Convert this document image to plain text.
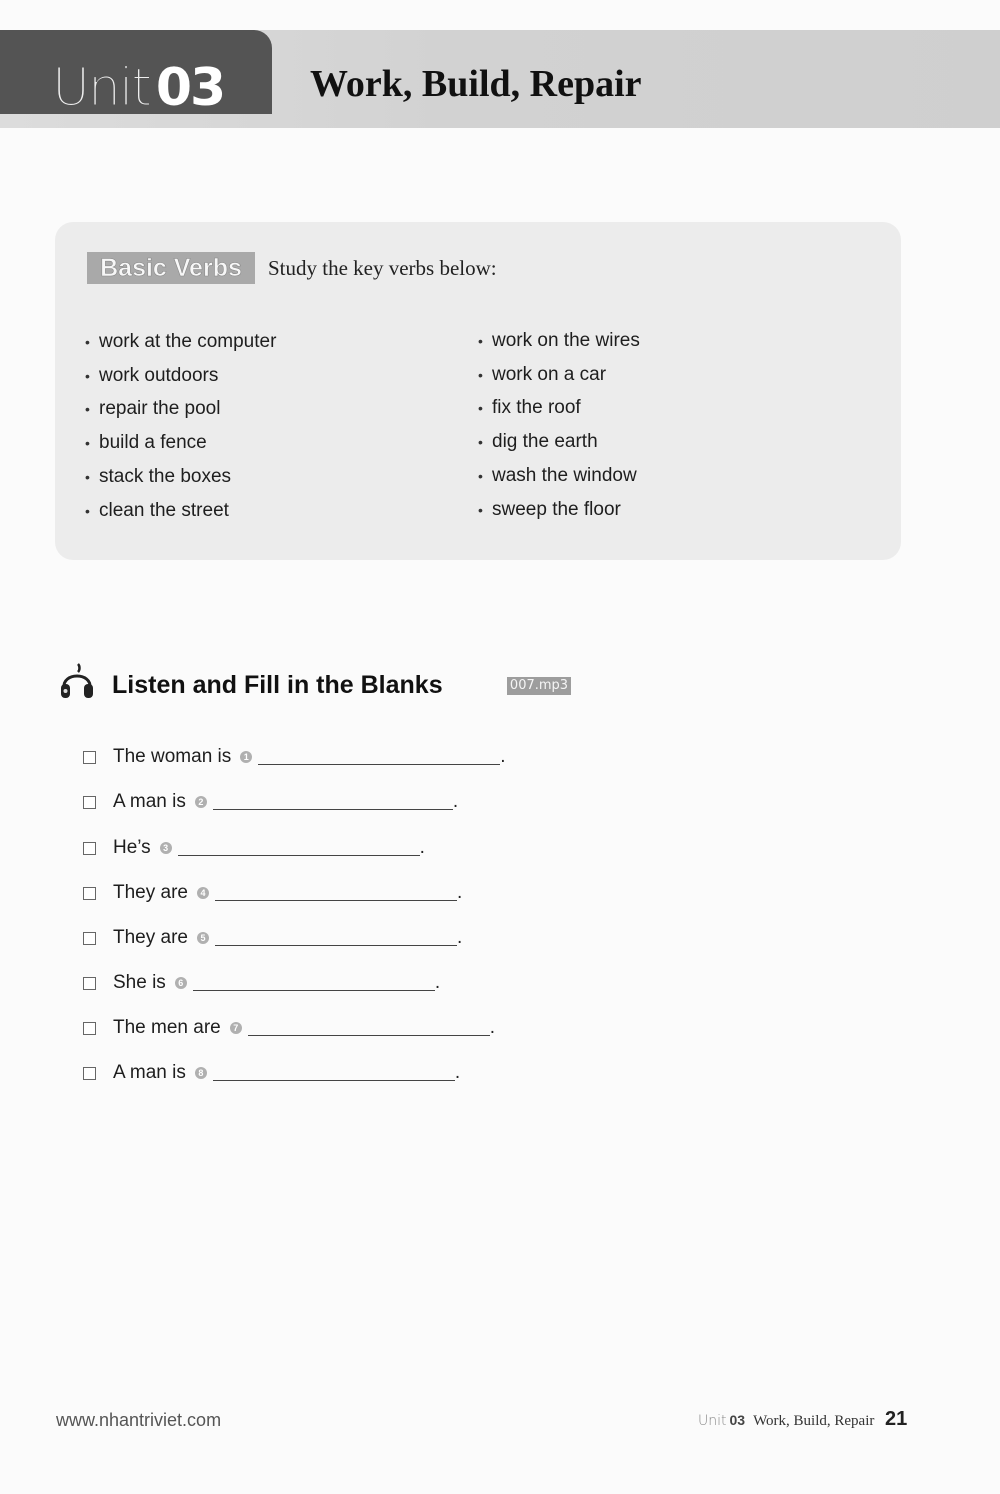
Unit 03 Work, Build, Repair
Basic Verbs	Study the key verbs below:
• work at the computer
• work outdoors
• repair the pool
• build a fence
• stack the boxes
• clean the street
• work on the wires
• work on a car
• fix the roof
• dig the earth
• wash the window
• sweep the floor
Listen and Fill in the Blanks	007.mp3
The woman is	1	.
A man is	2	.
He’s	3	.
They are	4	.
They are	5	.
She is	6	.
The men are	7	.
A man is	8	.
www.nhantriviet.com	Unit 03 Work, Build, Repair 21
